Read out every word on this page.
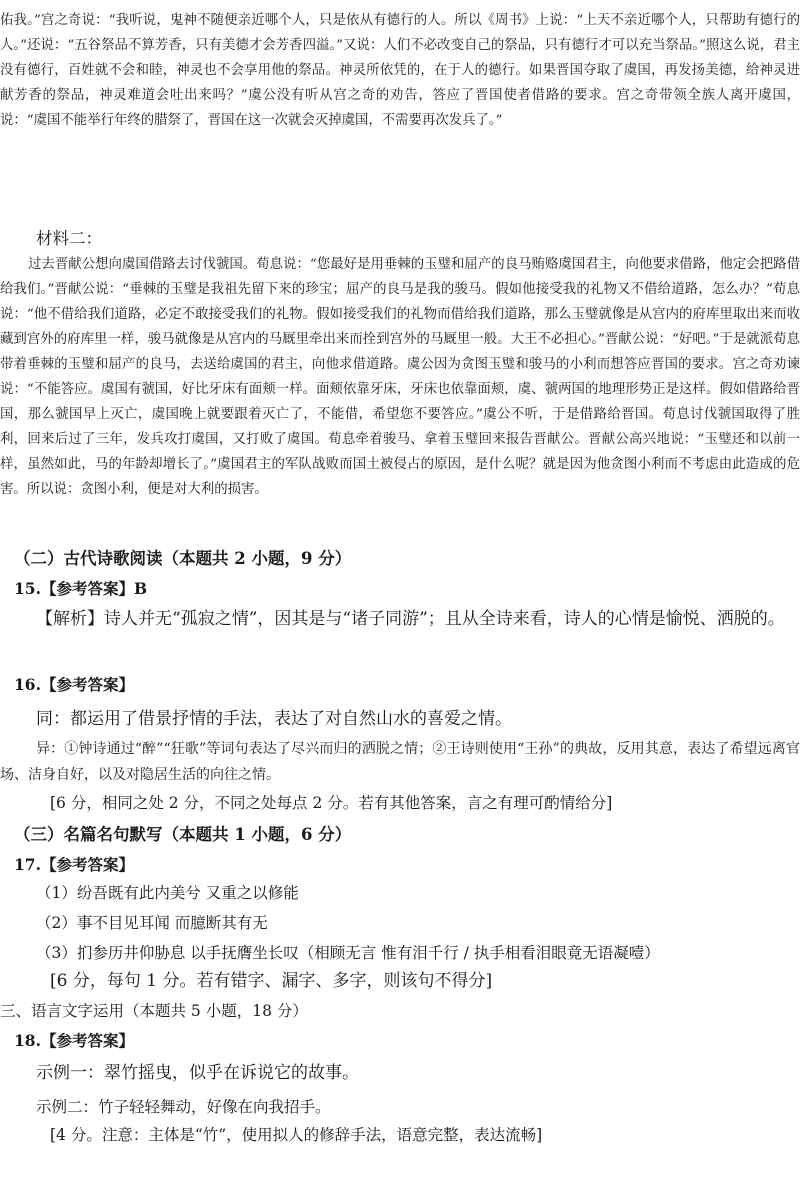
佑我。”宫之奇说：“我听说，鬼神不随便亲近哪个人，只是依从有德行的人。所以《周书》上说：“上天不亲近哪个人，只帮助有德行的人。”还说：“五谷祭品不算芳香，只有美德才会芳香四溢。”又说：人们不必改变自己的祭品，只有德行才可以充当祭品。”照这么说，君主没有德行，百姓就不会和睦，神灵也不会享用他的祭品。神灵所依凭的，在于人的德行。如果晋国夺取了虞国，再发扬美德，给神灵进献芳香的祭品，神灵难道会吐出来吗？”虞公没有听从宫之奇的劝告，答应了晋国使者借路的要求。宫之奇带领全族人离开虞国，说：“虞国不能举行年终的腊祭了，晋国在这一次就会灭掉虞国，不需要再次发兵了。”

材料二：

过去晋献公想向虞国借路去讨伐虢国。荀息说：“您最好是用垂棘的玉璧和屈产的良马贿赂虞国君主，向他要求借路，他定会把路借给我们。”晋献公说：“垂棘的玉璧是我祖先留下来的珍宝；屈产的良马是我的骏马。假如他接受我的礼物又不借给道路，怎么办？”荀息说：“他不借给我们道路，必定不敢接受我们的礼物。假如接受我们的礼物而借给我们道路，那么玉璧就像是从宫内的府库里取出来而收藏到宫外的府库里一样，骏马就像是从宫内的马厩里牵出来而拴到宫外的马厩里一般。大王不必担心。”晋献公说：“好吧。”于是就派荀息带着垂棘的玉璧和屈产的良马，去送给虞国的君主，向他求借道路。虞公因为贪图玉璧和骏马的小利而想答应晋国的要求。宫之奇劝谏说：“不能答应。虞国有虢国，好比牙床有面颊一样。面颊依靠牙床，牙床也依靠面颊，虞、虢两国的地理形势正是这样。假如借路给晋国，那么虢国早上灭亡，虞国晚上就要跟着灭亡了，不能借，希望您不要答应。”虞公不听，于是借路给晋国。荀息讨伐虢国取得了胜利，回来后过了三年，发兵攻打虞国，又打败了虞国。荀息牵着骏马、拿着玉璧回来报告晋献公。晋献公高兴地说：“玉璧还和以前一样，虽然如此，马的年龄却增长了。”虞国君主的军队战败而国土被侵占的原因，是什么呢？就是因为他贪图小利而不考虑由此造成的危害。所以说：贪图小利，便是对大利的损害。

（二）古代诗歌阅读（本题共 2 小题，9 分）

15.【参考答案】B

【解析】诗人并无“孤寂之情”，因其是与“诸子同游”；且从全诗来看，诗人的心情是愉悦、洒脱的。

16.【参考答案】

同：都运用了借景抒情的手法，表达了对自然山水的喜爱之情。

异：①钟诗通过“醉”“狂歌”等词句表达了尽兴而归的洒脱之情；②王诗则使用“王孙”的典故，反用其意，表达了希望远离官场、洁身自好，以及对隐居生活的向往之情。

[6 分，相同之处 2 分，不同之处每点 2 分。若有其他答案，言之有理可酌情给分]

（三）名篇名句默写（本题共 1 小题，6 分）

17.【参考答案】

（1）纷吾既有此内美兮 又重之以修能

（2）事不目见耳闻 而臆断其有无

（3）扪参历井仰胁息 以手抚膺坐长叹（相顾无言 惟有泪千行 / 执手相看泪眼竟无语凝噎）

[6 分，每句 1 分。若有错字、漏字、多字，则该句不得分]

三、语言文字运用（本题共 5 小题，18 分）

18.【参考答案】

示例一：翠竹摇曳，似乎在诉说它的故事。

示例二：竹子轻轻舞动，好像在向我招手。

[4 分。注意：主体是“竹”，使用拟人的修辞手法，语意完整，表达流畅]
